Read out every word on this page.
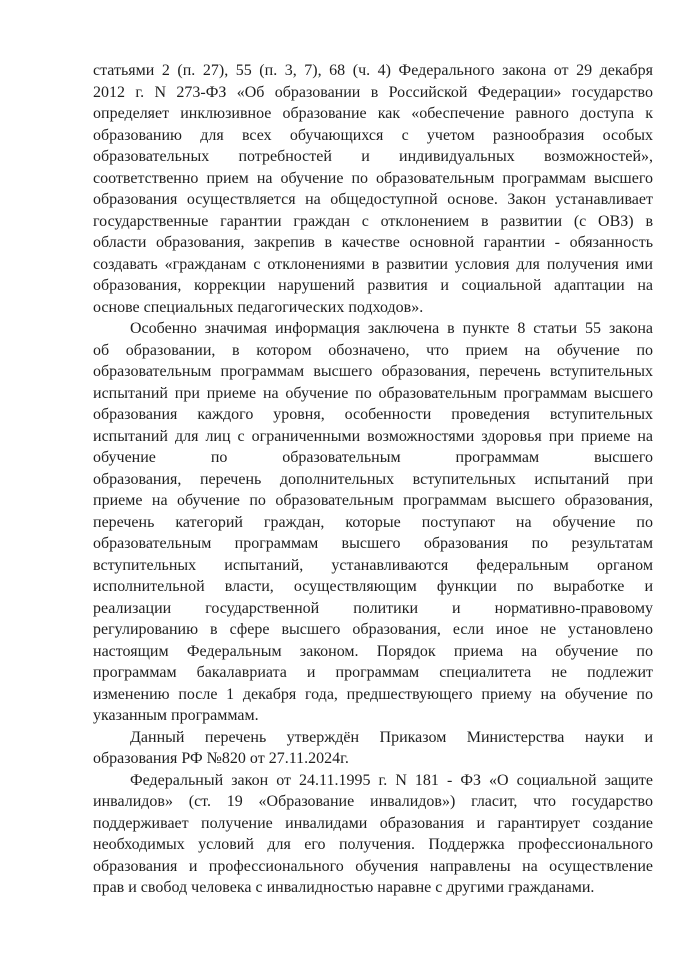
статьями 2 (п. 27), 55 (п. 3, 7), 68 (ч. 4) Федерального закона от 29 декабря
2012 г. N 273-ФЗ «Об образовании в Российской Федерации» государство
определяет инклюзивное образование как «обеспечение равного доступа к
образованию для всех обучающихся с учетом разнообразия особых
образовательных потребностей и индивидуальных возможностей»,
соответственно прием на обучение по образовательным программам высшего
образования осуществляется на общедоступной основе. Закон устанавливает
государственные гарантии граждан с отклонением в развитии (с ОВЗ) в
области образования, закрепив в качестве основной гарантии - обязанность
создавать «гражданам с отклонениями в развитии условия для получения ими
образования, коррекции нарушений развития и социальной адаптации на
основе специальных педагогических подходов».
Особенно значимая информация заключена в пункте 8 статьи 55 закона
об образовании, в котором обозначено, что прием на обучение по
образовательным программам высшего образования, перечень вступительных
испытаний при приеме на обучение по образовательным программам высшего
образования каждого уровня, особенности проведения вступительных
испытаний для лиц с ограниченными возможностями здоровья при приеме на
обучение по образовательным программам высшего
образования, перечень дополнительных вступительных испытаний при
приеме на обучение по образовательным программам высшего образования,
перечень категорий граждан, которые поступают на обучение по
образовательным программам высшего образования по результатам
вступительных испытаний, устанавливаются федеральным органом
исполнительной власти, осуществляющим функции по выработке и
реализации государственной политики и нормативно-правовому
регулированию в сфере высшего образования, если иное не установлено
настоящим Федеральным законом. Порядок приема на обучение по
программам бакалавриата и программам специалитета не подлежит
изменению после 1 декабря года, предшествующего приему на обучение по
указанным программам.
Данный перечень утверждён Приказом Министерства науки и
образования РФ №820 от 27.11.2024г.
Федеральный закон от 24.11.1995 г. N 181 - ФЗ «О социальной защите
инвалидов» (ст. 19 «Образование инвалидов») гласит, что государство
поддерживает получение инвалидами образования и гарантирует создание
необходимых условий для его получения. Поддержка профессионального
образования и профессионального обучения направлены на осуществление
прав и свобод человека с инвалидностью наравне с другими гражданами.
